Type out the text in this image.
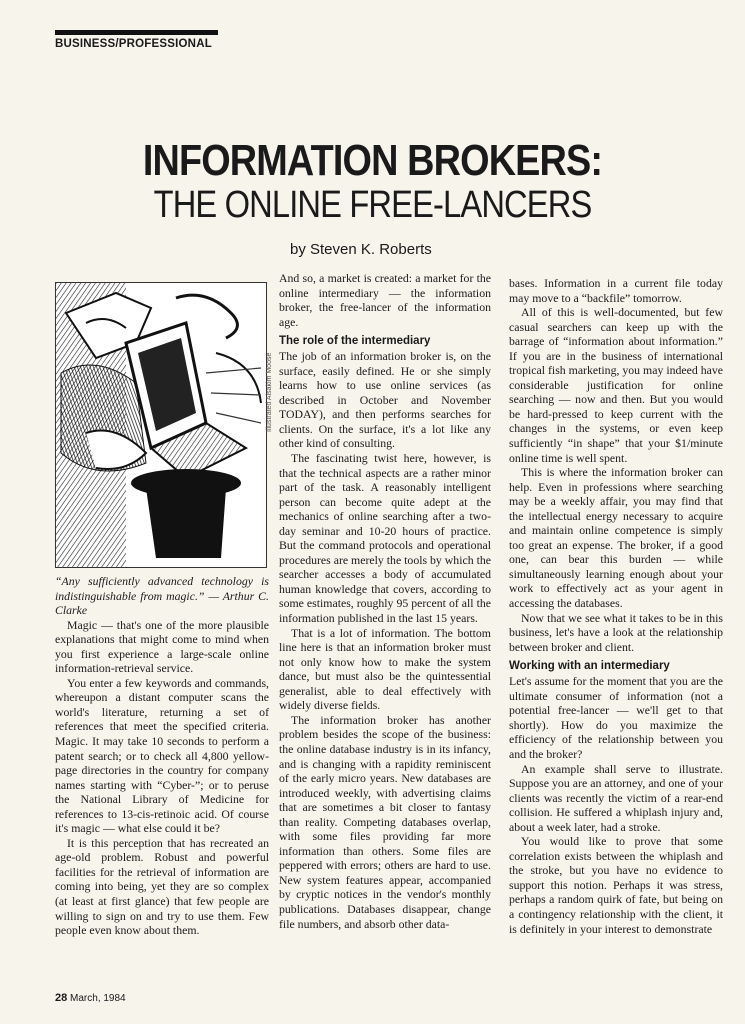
BUSINESS/PROFESSIONAL
INFORMATION BROKERS:
THE ONLINE FREE-LANCERS
by Steven K. Roberts
Illustrated Alsakim Moose

“Any sufficiently advanced technology is indistinguishable from magic.” — Arthur C. Clarke

Magic — that's one of the more plausible explanations that might come to mind when you first experience a large-scale online information-retrieval service.

You enter a few keywords and commands, whereupon a distant computer scans the world's literature, returning a set of references that meet the specified criteria. Magic. It may take 10 seconds to perform a patent search; or to check all 4,800 yellow-page directories in the country for company names starting with “Cyber-”; or to peruse the National Library of Medicine for references to 13-cis-retinoic acid. Of course it's magic — what else could it be?

It is this perception that has recreated an age-old problem. Robust and powerful facilities for the retrieval of information are coming into being, yet they are so complex (at least at first glance) that few people are willing to sign on and try to use them. Few people even know about them.

And so, a market is created: a market for the online intermediary — the information broker, the free-lancer of the information age.

The role of the intermediary

The job of an information broker is, on the surface, easily defined. He or she simply learns how to use online services (as described in October and November TODAY), and then performs searches for clients. On the surface, it's a lot like any other kind of consulting.

The fascinating twist here, however, is that the technical aspects are a rather minor part of the task. A reasonably intelligent person can become quite adept at the mechanics of online searching after a two-day seminar and 10-20 hours of practice. But the command protocols and operational procedures are merely the tools by which the searcher accesses a body of accumulated human knowledge that covers, according to some estimates, roughly 95 percent of all the information published in the last 15 years.

That is a lot of information. The bottom line here is that an information broker must not only know how to make the system dance, but must also be the quintessential generalist, able to deal effectively with widely diverse fields.

The information broker has another problem besides the scope of the business: the online database industry is in its infancy, and is changing with a rapidity reminiscent of the early micro years. New databases are introduced weekly, with advertising claims that are sometimes a bit closer to fantasy than reality. Competing databases overlap, with some files providing far more information than others. Some files are peppered with errors; others are hard to use. New system features appear, accompanied by cryptic notices in the vendor's monthly publications. Databases disappear, change file numbers, and absorb other data-

bases. Information in a current file today may move to a “backfile” tomorrow.

All of this is well-documented, but few casual searchers can keep up with the barrage of “information about information.” If you are in the business of international tropical fish marketing, you may indeed have considerable justification for online searching — now and then. But you would be hard-pressed to keep current with the changes in the systems, or even keep sufficiently “in shape” that your $1/minute online time is well spent.

This is where the information broker can help. Even in professions where searching may be a weekly affair, you may find that the intellectual energy necessary to acquire and maintain online competence is simply too great an expense. The broker, if a good one, can bear this burden — while simultaneously learning enough about your work to effectively act as your agent in accessing the databases.

Now that we see what it takes to be in this business, let's have a look at the relationship between broker and client.

Working with an intermediary

Let's assume for the moment that you are the ultimate consumer of information (not a potential free-lancer — we'll get to that shortly). How do you maximize the efficiency of the relationship between you and the broker?

An example shall serve to illustrate. Suppose you are an attorney, and one of your clients was recently the victim of a rear-end collision. He suffered a whiplash injury and, about a week later, had a stroke.

You would like to prove that some correlation exists between the whiplash and the stroke, but you have no evidence to support this notion. Perhaps it was stress, perhaps a random quirk of fate, but being on a contingency relationship with the client, it is definitely in your interest to demonstrate

28 March, 1984
